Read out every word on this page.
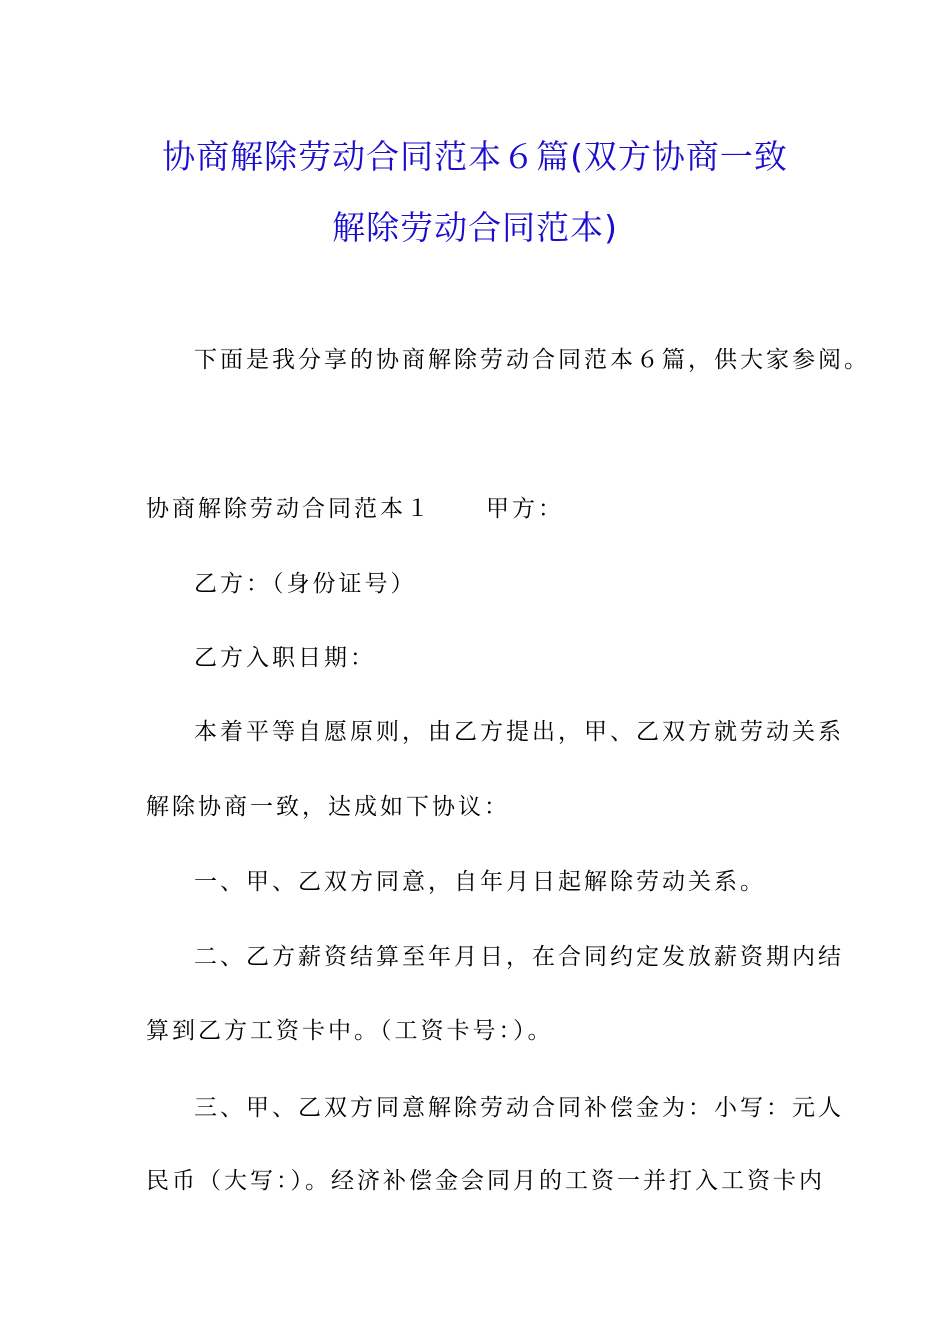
协商解除劳动合同范本６篇(双方协商一致
解除劳动合同范本)
下面是我分享的协商解除劳动合同范本６篇，供大家参阅。
协商解除劳动合同范本１ 甲方：
乙方：（身份证号）
乙方入职日期：
本着平等自愿原则，由乙方提出，甲、乙双方就劳动关系
解除协商一致，达成如下协议：
一、甲、乙双方同意，自年月日起解除劳动关系。
二、乙方薪资结算至年月日，在合同约定发放薪资期内结
算到乙方工资卡中。（工资卡号：）。
三、甲、乙双方同意解除劳动合同补偿金为：小写：元人
民币（大写：）。经济补偿金会同月的工资一并打入工资卡内
